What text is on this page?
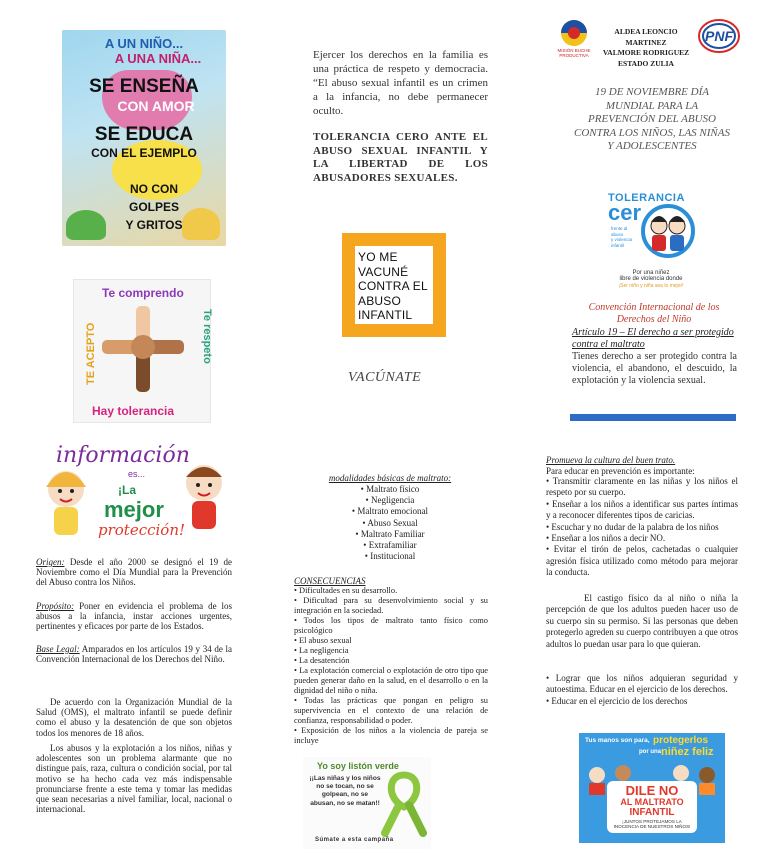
A UN NIÑO...
A UNA NIÑA...
SE ENSEÑA
CON AMOR
SE EDUCA
CON EL EJEMPLO
NO CON
GOLPES
Y GRITOS
Te comprendo
TE ACEPTO	Te respeto
Hay tolerancia
Ejercer los derechos en la familia es una práctica de respeto y democracia. “El abuso sexual infantil es un crimen a la infancia, no debe permanecer oculto.
TOLERANCIA CERO ANTE EL ABUSO SEXUAL INFANTIL Y LA LIBERTAD DE LOS ABUSADORES SEXUALES.
YO ME
VACUNÉ
CONTRA EL
ABUSO
INFANTIL
VACÚNATE
MISIÓN BUCHE PRODUCTIVA
ALDEA LEONCIO
MARTINEZ
VALMORE RODRIGUEZ
ESTADO ZULIA
PNF
19 DE NOVIEMBRE DÍA MUNDIAL PARA LA PREVENCIÓN DEL ABUSO CONTRA LOS NIÑOS, LAS NIÑAS Y ADOLESCENTES
TOLERANCIA
cer
frente al
abuso
y violencia
infantil
Por una niñez
libre de violencia donde
¡Ser niño y niña sea lo mejor!
Convención Internacional de los Derechos del Niño
Artículo 19 – El derecho a ser protegido contra el maltrato
Tienes derecho a ser protegido contra la violencia, el abandono, el descuido, la explotación y la violencia sexual.
información
es...
¡La
mejor
protección!
Origen: Desde el año 2000 se designó el 19 de Noviembre como el Día Mundial para la Prevención del Abuso contra los Niños.
Propósito: Poner en evidencia el problema de los abusos a la infancia, instar acciones urgentes, pertinentes y eficaces por parte de los Estados.
Base Legal: Amparados en los artículos 19 y 34 de la Convención Internacional de los Derechos del Niño.
De acuerdo con la Organización Mundial de la Salud (OMS), el maltrato infantil se puede definir como el abuso y la desatención de que son objetos todos los menores de 18 años.
Los abusos y la explotación a los niños, niñas y adolescentes son un problema alarmante que no distingue país, raza, cultura o condición social, por tal motivo se ha hecho cada vez más indispensable pronunciarse frente a este tema y tomar las medidas que sean necesarias a nivel familiar, local, nacional o internacional.
modalidades básicas de maltrato:
• Maltrato físico
• Negligencia
• Maltrato emocional
• Abuso Sexual
• Maltrato Familiar
• Extrafamiliar
• Institucional
CONSECUENCIAS
• Dificultades en su desarrollo.
• Dificultad para su desenvolvimiento social y su integración en la sociedad.
• Todos los tipos de maltrato tanto físico como psicológico
• El abuso sexual
• La negligencia
• La desatención
• La explotación comercial o explotación de otro tipo que pueden generar daño en la salud, en el desarrollo o en la dignidad del niño o niña.
• Todas las prácticas que pongan en peligro su supervivencia en el contexto de una relación de confianza, responsabilidad o poder.
• Exposición de los niños a la violencia de pareja se incluye
Yo soy listón verde
¡¡Las niñas y los niños no se tocan, no se golpean, no se abusan, no se matan!!
Súmate a esta campaña
Promueva la cultura del buen trato.
Para educar en prevención es importante:
• Transmitir claramente en las niñas y los niños el respeto por su cuerpo.
• Enseñar a los niños a identificar sus partes íntimas y a reconocer diferentes tipos de caricias.
• Escuchar y no dudar de la palabra de los niños
• Enseñar a los niños a decir NO.
• Evitar el tirón de pelos, cachetadas o cualquier agresión física utilizado como método para mejorar la conducta.
El castigo físico da al niño o niña la percepción de que los adultos pueden hacer uso de su cuerpo sin su permiso. Si las personas que deben protegerlo agreden su cuerpo contribuyen a que otros adultos lo puedan usar para lo que quieran.
• Lograr que los niños adquieran seguridad y autoestima. Educar en el ejercicio de los derechos.
• Educar en el ejercicio de los derechos
Tus manos son para, protegerlos
por una niñez feliz
DILE NO
AL MALTRATO
INFANTIL
¡JUNTOS PROTEJAMOS LA INOCENCIA DE NUESTROS NIÑOS!
